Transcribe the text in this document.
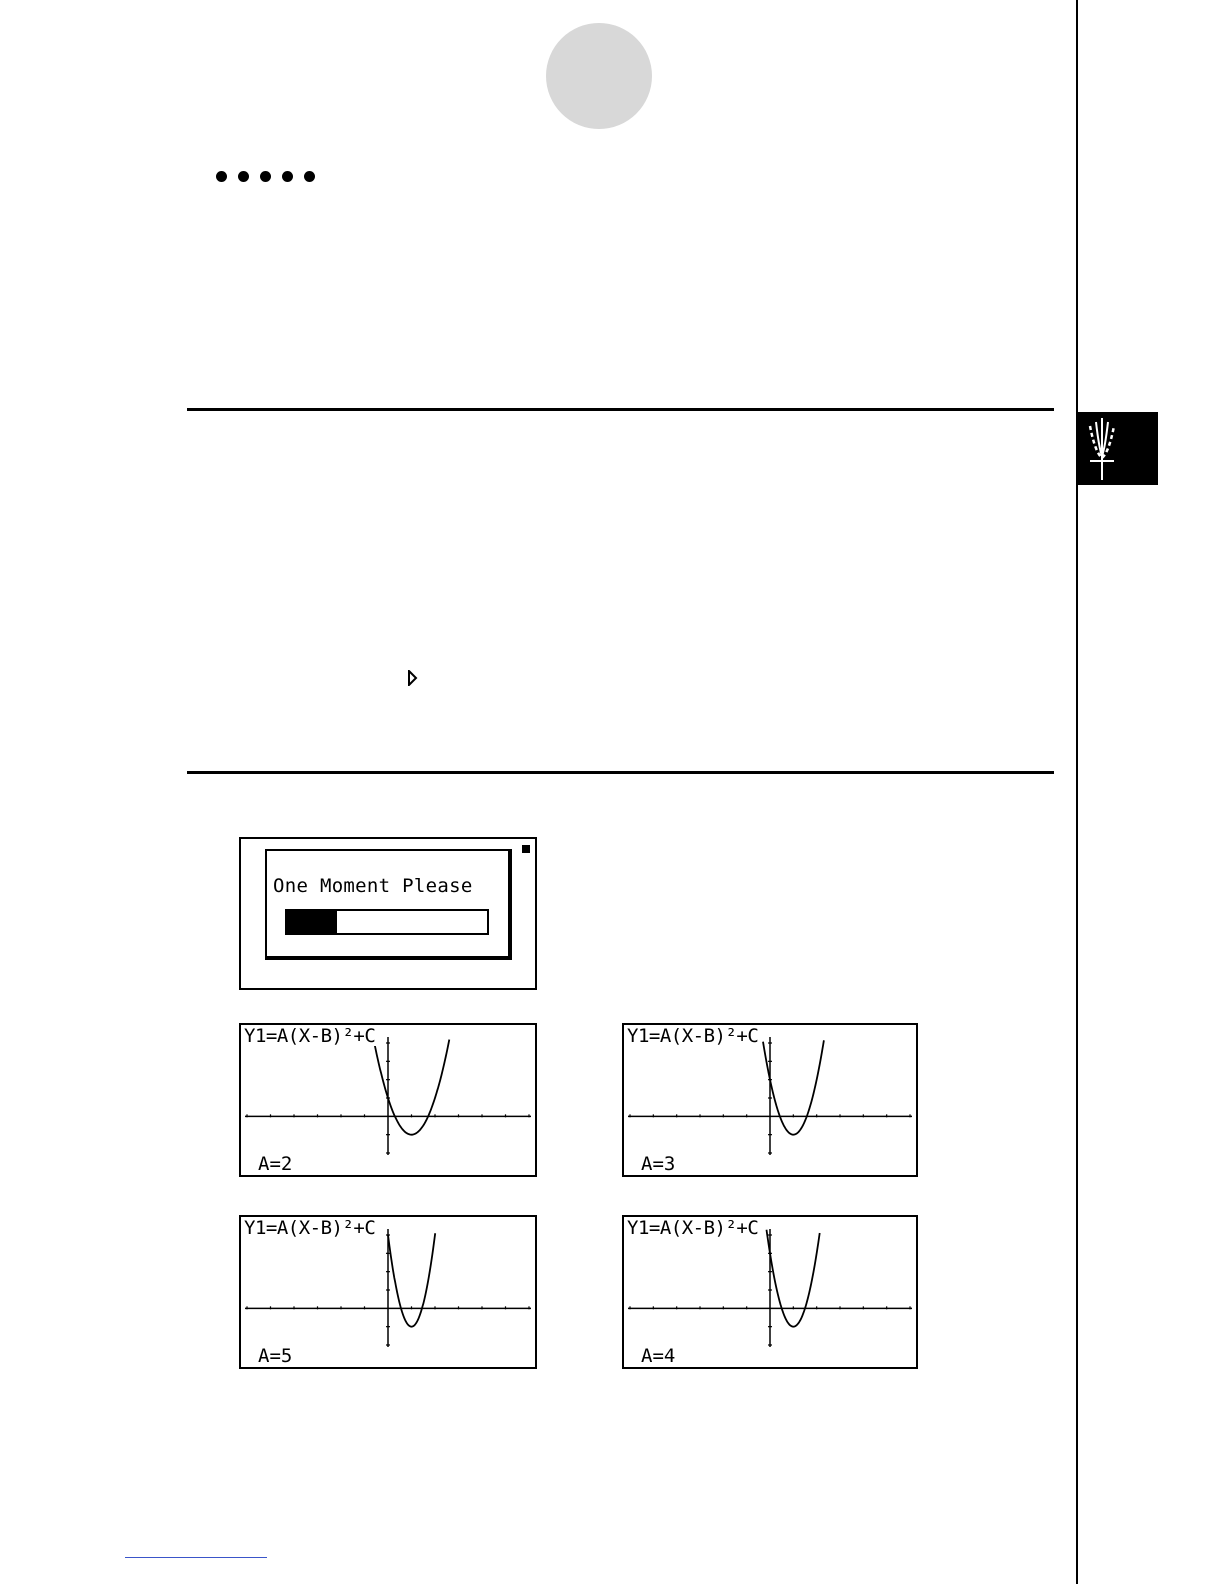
One Moment Please
Y1=A(X-B)²+C
A=2
Y1=A(X-B)²+C
A=3
Y1=A(X-B)²+C
A=5
Y1=A(X-B)²+C
A=4
